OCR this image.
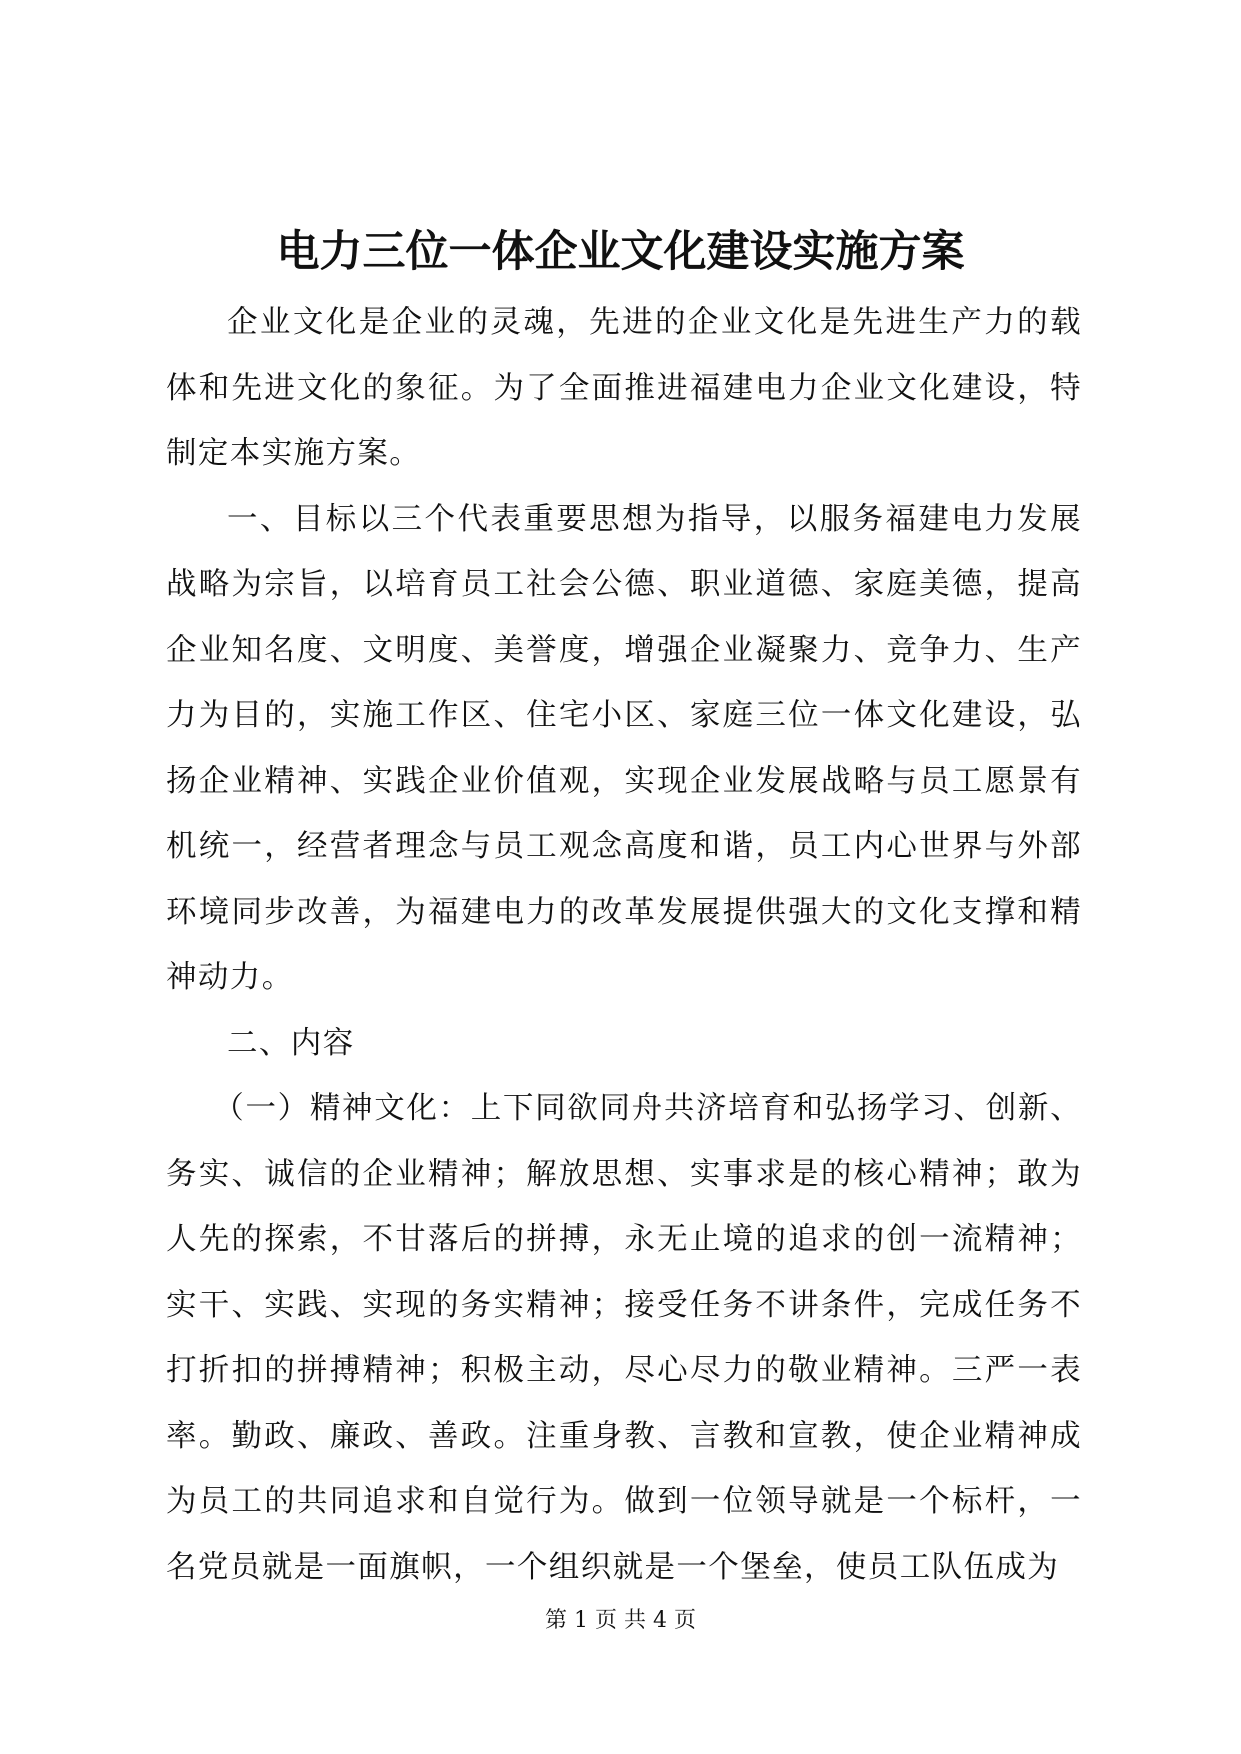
电力三位一体企业文化建设实施方案

企业文化是企业的灵魂，先进的企业文化是先进生产力的载体和先进文化的象征。为了全面推进福建电力企业文化建设，特制定本实施方案。

一、目标以三个代表重要思想为指导，以服务福建电力发展战略为宗旨，以培育员工社会公德、职业道德、家庭美德，提高企业知名度、文明度、美誉度，增强企业凝聚力、竞争力、生产力为目的，实施工作区、住宅小区、家庭三位一体文化建设，弘扬企业精神、实践企业价值观，实现企业发展战略与员工愿景有机统一，经营者理念与员工观念高度和谐，员工内心世界与外部环境同步改善，为福建电力的改革发展提供强大的文化支撑和精神动力。

二、内容

（一）精神文化：上下同欲同舟共济培育和弘扬学习、创新、务实、诚信的企业精神；解放思想、实事求是的核心精神；敢为人先的探索，不甘落后的拼搏，永无止境的追求的创一流精神；实干、实践、实现的务实精神；接受任务不讲条件，完成任务不打折扣的拼搏精神；积极主动，尽心尽力的敬业精神。三严一表率。勤政、廉政、善政。注重身教、言教和宣教，使企业精神成为员工的共同追求和自觉行为。做到一位领导就是一个标杆，一名党员就是一面旗帜，一个组织就是一个堡垒，使员工队伍成为

第 1 页 共 4 页
